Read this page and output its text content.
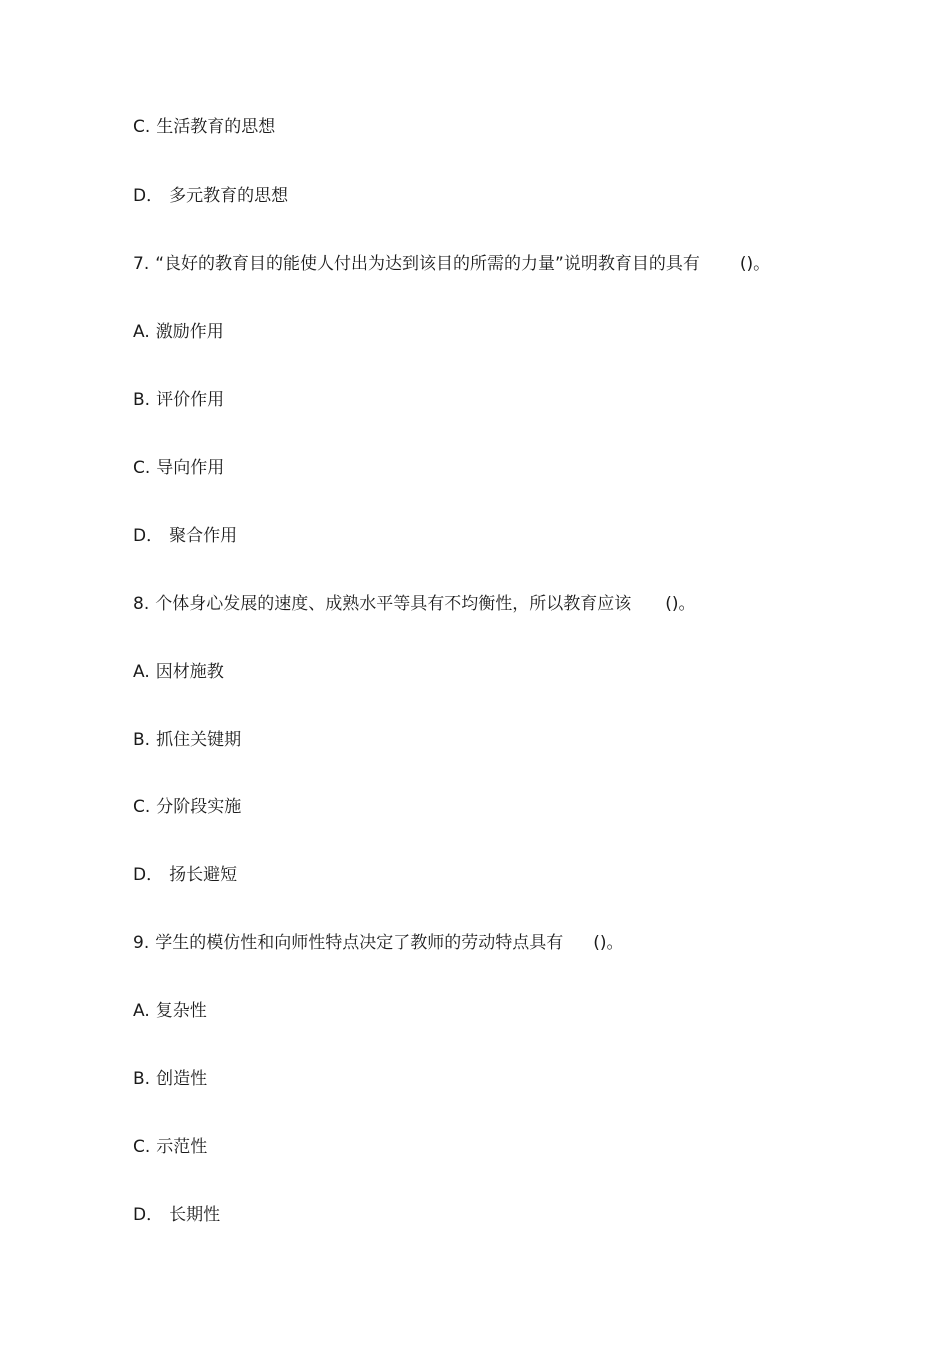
C. 生活教育的思想
D． 多元教育的思想
7. “良好的教育目的能使人付出为达到该目的所需的力量”说明教育目的具有 ()。
A. 激励作用
B. 评价作用
C. 导向作用
D． 聚合作用
8. 个体身心发展的速度、成熟水平等具有不均衡性，所以教育应该 ()。
A. 因材施教
B. 抓住关键期
C. 分阶段实施
D． 扬长避短
9. 学生的模仿性和向师性特点决定了教师的劳动特点具有 ()。
A. 复杂性
B. 创造性
C. 示范性
D． 长期性
